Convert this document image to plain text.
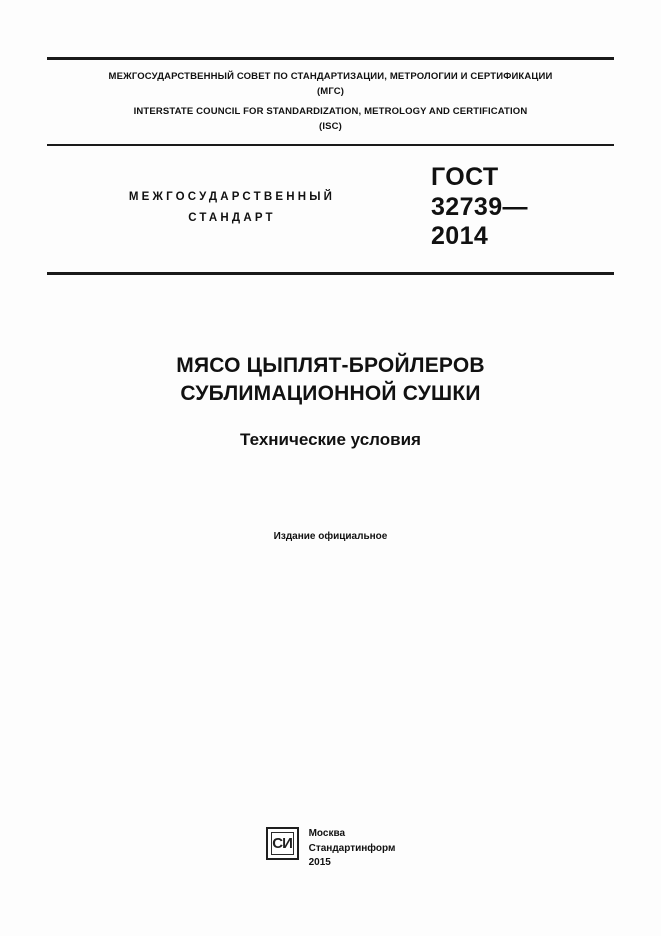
МЕЖГОСУДАРСТВЕННЫЙ СОВЕТ ПО СТАНДАРТИЗАЦИИ, МЕТРОЛОГИИ И СЕРТИФИКАЦИИ
(МГС)
INTERSTATE COUNCIL FOR STANDARDIZATION, METROLOGY AND CERTIFICATION
(ISC)
МЕЖГОСУДАРСТВЕННЫЙ
СТАНДАРТ
ГОСТ
32739—
2014
МЯСО ЦЫПЛЯТ-БРОЙЛЕРОВ
СУБЛИМАЦИОННОЙ СУШКИ
Технические условия
Издание официальное
СИ
Москва
Стандартинформ
2015
